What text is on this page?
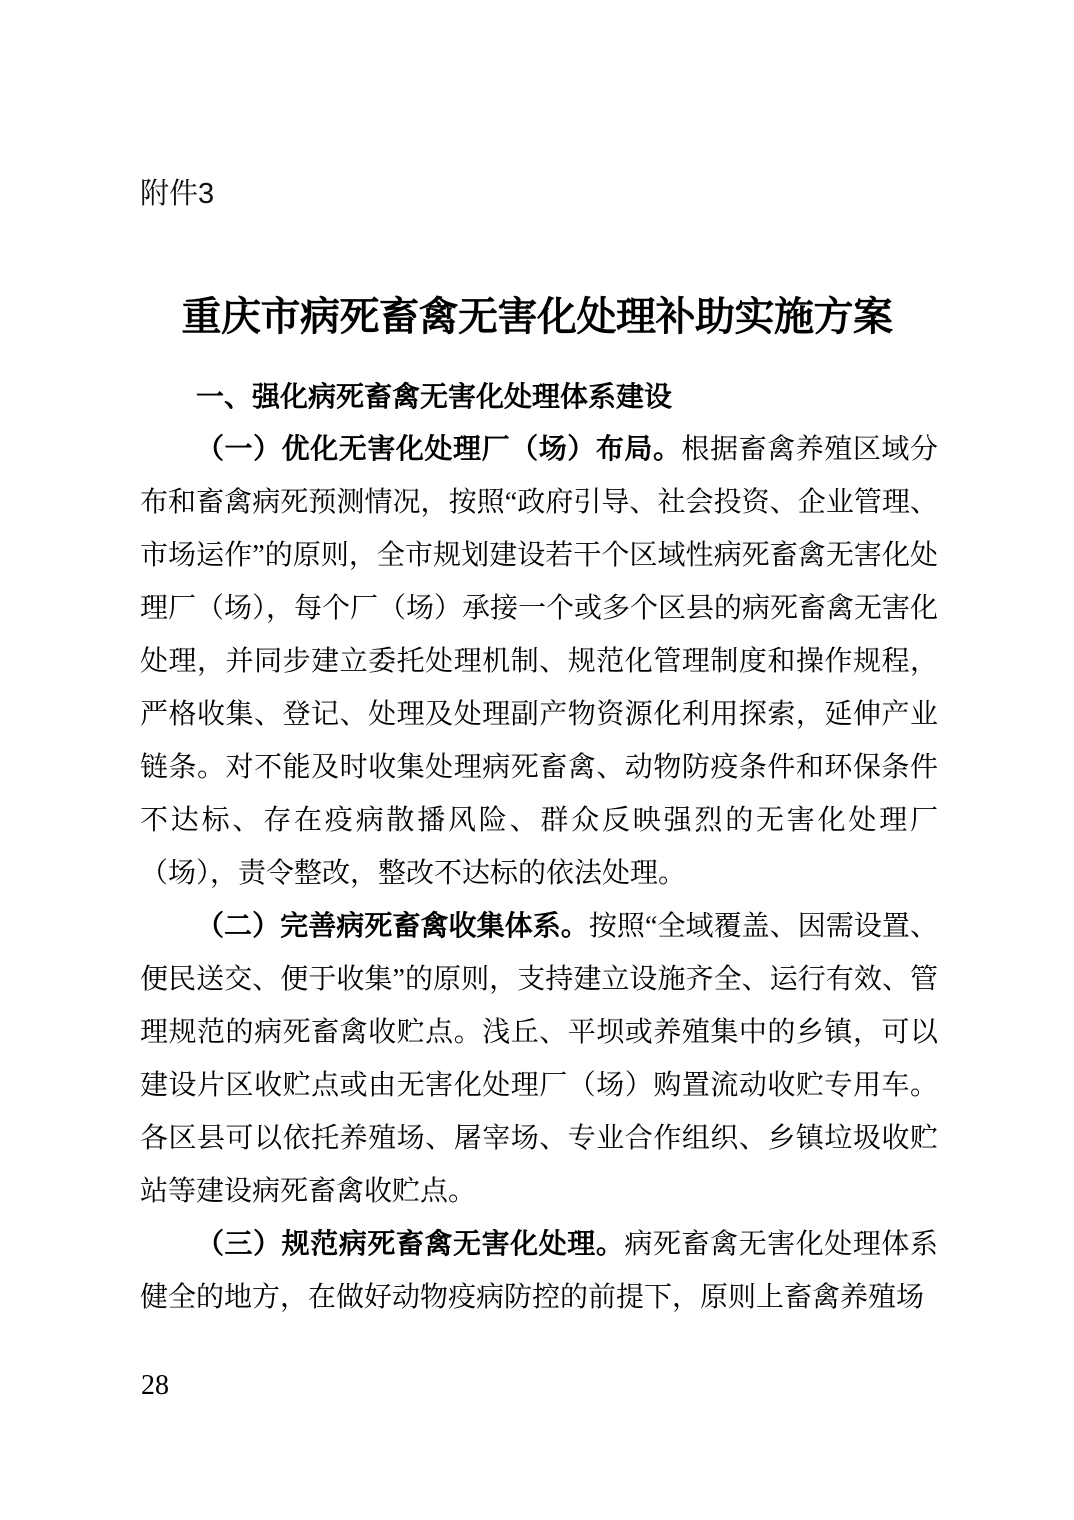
附件3
重庆市病死畜禽无害化处理补助实施方案
一、强化病死畜禽无害化处理体系建设

（一）优化无害化处理厂（场）布局。根据畜禽养殖区域分布和畜禽病死预测情况，按照“政府引导、社会投资、企业管理、市场运作”的原则，全市规划建设若干个区域性病死畜禽无害化处理厂（场），每个厂（场）承接一个或多个区县的病死畜禽无害化处理，并同步建立委托处理机制、规范化管理制度和操作规程，严格收集、登记、处理及处理副产物资源化利用探索，延伸产业链条。对不能及时收集处理病死畜禽、动物防疫条件和环保条件不达标、存在疫病散播风险、群众反映强烈的无害化处理厂（场），责令整改，整改不达标的依法处理。

（二）完善病死畜禽收集体系。按照“全域覆盖、因需设置、便民送交、便于收集”的原则，支持建立设施齐全、运行有效、管理规范的病死畜禽收贮点。浅丘、平坝或养殖集中的乡镇，可以建设片区收贮点或由无害化处理厂（场）购置流动收贮专用车。各区县可以依托养殖场、屠宰场、专业合作组织、乡镇垃圾收贮站等建设病死畜禽收贮点。

（三）规范病死畜禽无害化处理。病死畜禽无害化处理体系健全的地方，在做好动物疫病防控的前提下，原则上畜禽养殖场

28
